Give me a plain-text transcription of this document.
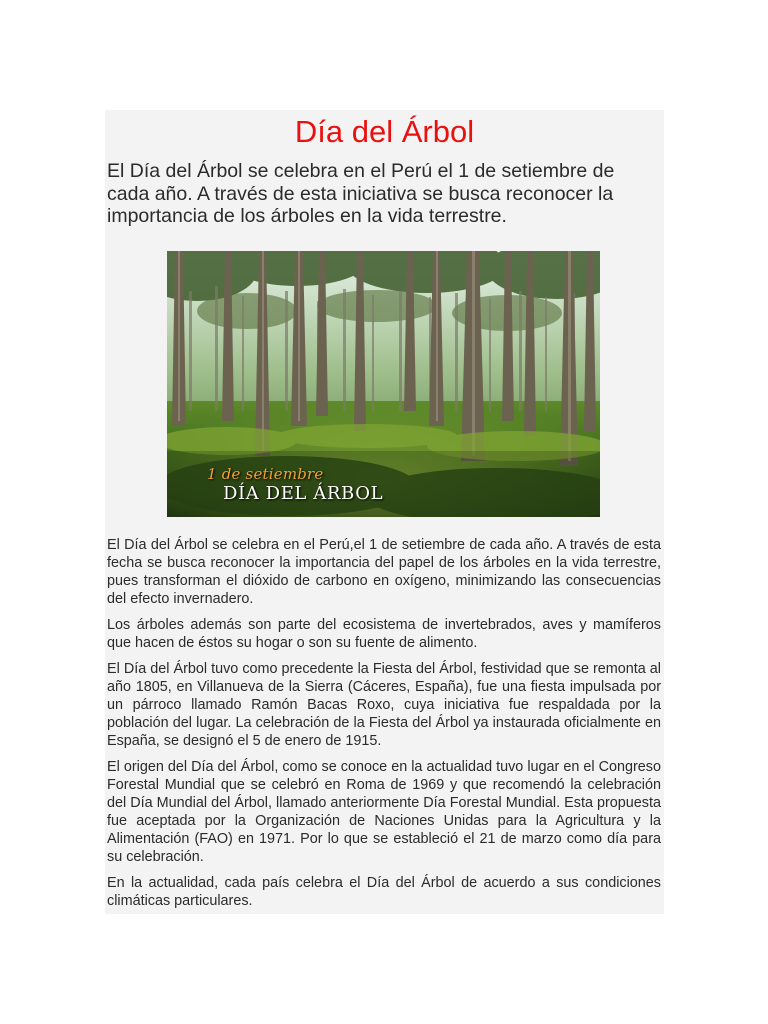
Día del Árbol

El Día del Árbol se celebra en el Perú el 1 de setiembre de cada año. A través de esta iniciativa se busca reconocer la importancia de los árboles en la vida terrestre.

1 de setiembre
DÍA DEL ÁRBOL

El Día del Árbol se celebra en el Perú,el 1 de setiembre de cada año. A través de esta fecha se busca reconocer la importancia del papel de los árboles en la vida terrestre, pues transforman el dióxido de carbono en oxígeno, minimizando las consecuencias del efecto invernadero.

Los árboles además son parte del ecosistema de invertebrados, aves y mamíferos que hacen de éstos su hogar o son su fuente de alimento.

El Día del Árbol tuvo como precedente la Fiesta del Árbol, festividad que se remonta al año 1805, en Villanueva de la Sierra (Cáceres, España), fue una fiesta impulsada por un párroco llamado Ramón Bacas Roxo, cuya iniciativa fue respaldada por la población del lugar. La celebración de la Fiesta del Árbol ya instaurada oficialmente en España, se designó el 5 de enero de 1915.

El origen del Día del Árbol, como se conoce en la actualidad tuvo lugar en el Congreso Forestal Mundial que se celebró en Roma de 1969 y que recomendó la celebración del Día Mundial del Árbol, llamado anteriormente Día Forestal Mundial. Esta propuesta fue aceptada por la Organización de Naciones Unidas para la Agricultura y la Alimentación (FAO) en 1971. Por lo que se estableció el 21 de marzo como día para su celebración.

En la actualidad, cada país celebra el Día del Árbol de acuerdo a sus condiciones climáticas particulares.
